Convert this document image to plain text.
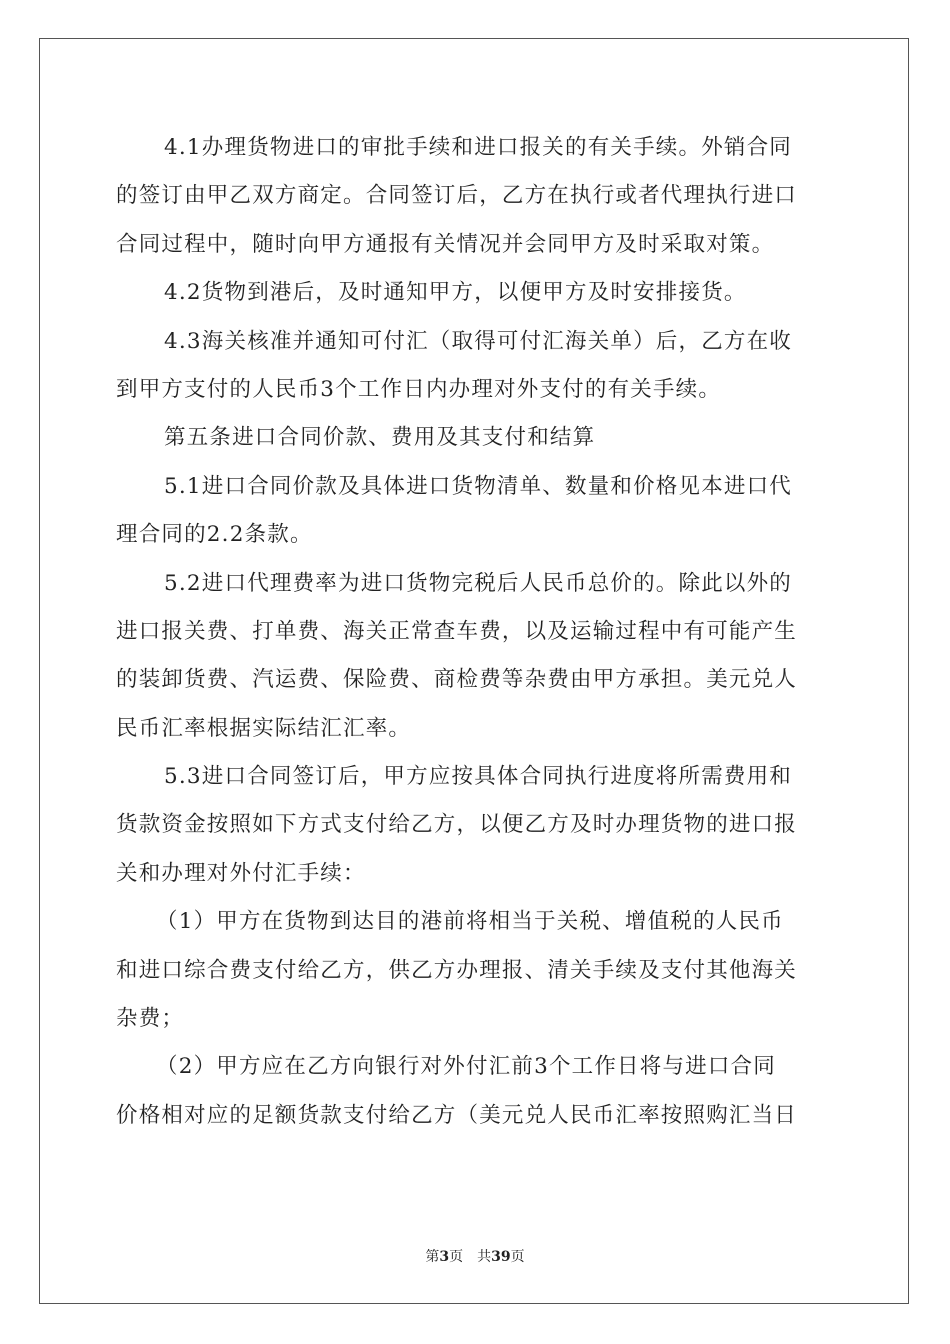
4.1办理货物进口的审批手续和进口报关的有关手续。外销合同
的签订由甲乙双方商定。合同签订后，乙方在执行或者代理执行进口
合同过程中，随时向甲方通报有关情况并会同甲方及时采取对策。
4.2货物到港后，及时通知甲方，以便甲方及时安排接货。
4.3海关核准并通知可付汇（取得可付汇海关单）后，乙方在收
到甲方支付的人民币3个工作日内办理对外支付的有关手续。
第五条进口合同价款、费用及其支付和结算
5.1进口合同价款及具体进口货物清单、数量和价格见本进口代
理合同的2.2条款。
5.2进口代理费率为进口货物完税后人民币总价的。除此以外的
进口报关费、打单费、海关正常查车费，以及运输过程中有可能产生
的装卸货费、汽运费、保险费、商检费等杂费由甲方承担。美元兑人
民币汇率根据实际结汇汇率。
5.3进口合同签订后，甲方应按具体合同执行进度将所需费用和
货款资金按照如下方式支付给乙方，以便乙方及时办理货物的进口报
关和办理对外付汇手续：
（1）甲方在货物到达目的港前将相当于关税、增值税的人民币
和进口综合费支付给乙方，供乙方办理报、清关手续及支付其他海关
杂费；
（2）甲方应在乙方向银行对外付汇前3个工作日将与进口合同
价格相对应的足额货款支付给乙方（美元兑人民币汇率按照购汇当日
第3页 共39页
